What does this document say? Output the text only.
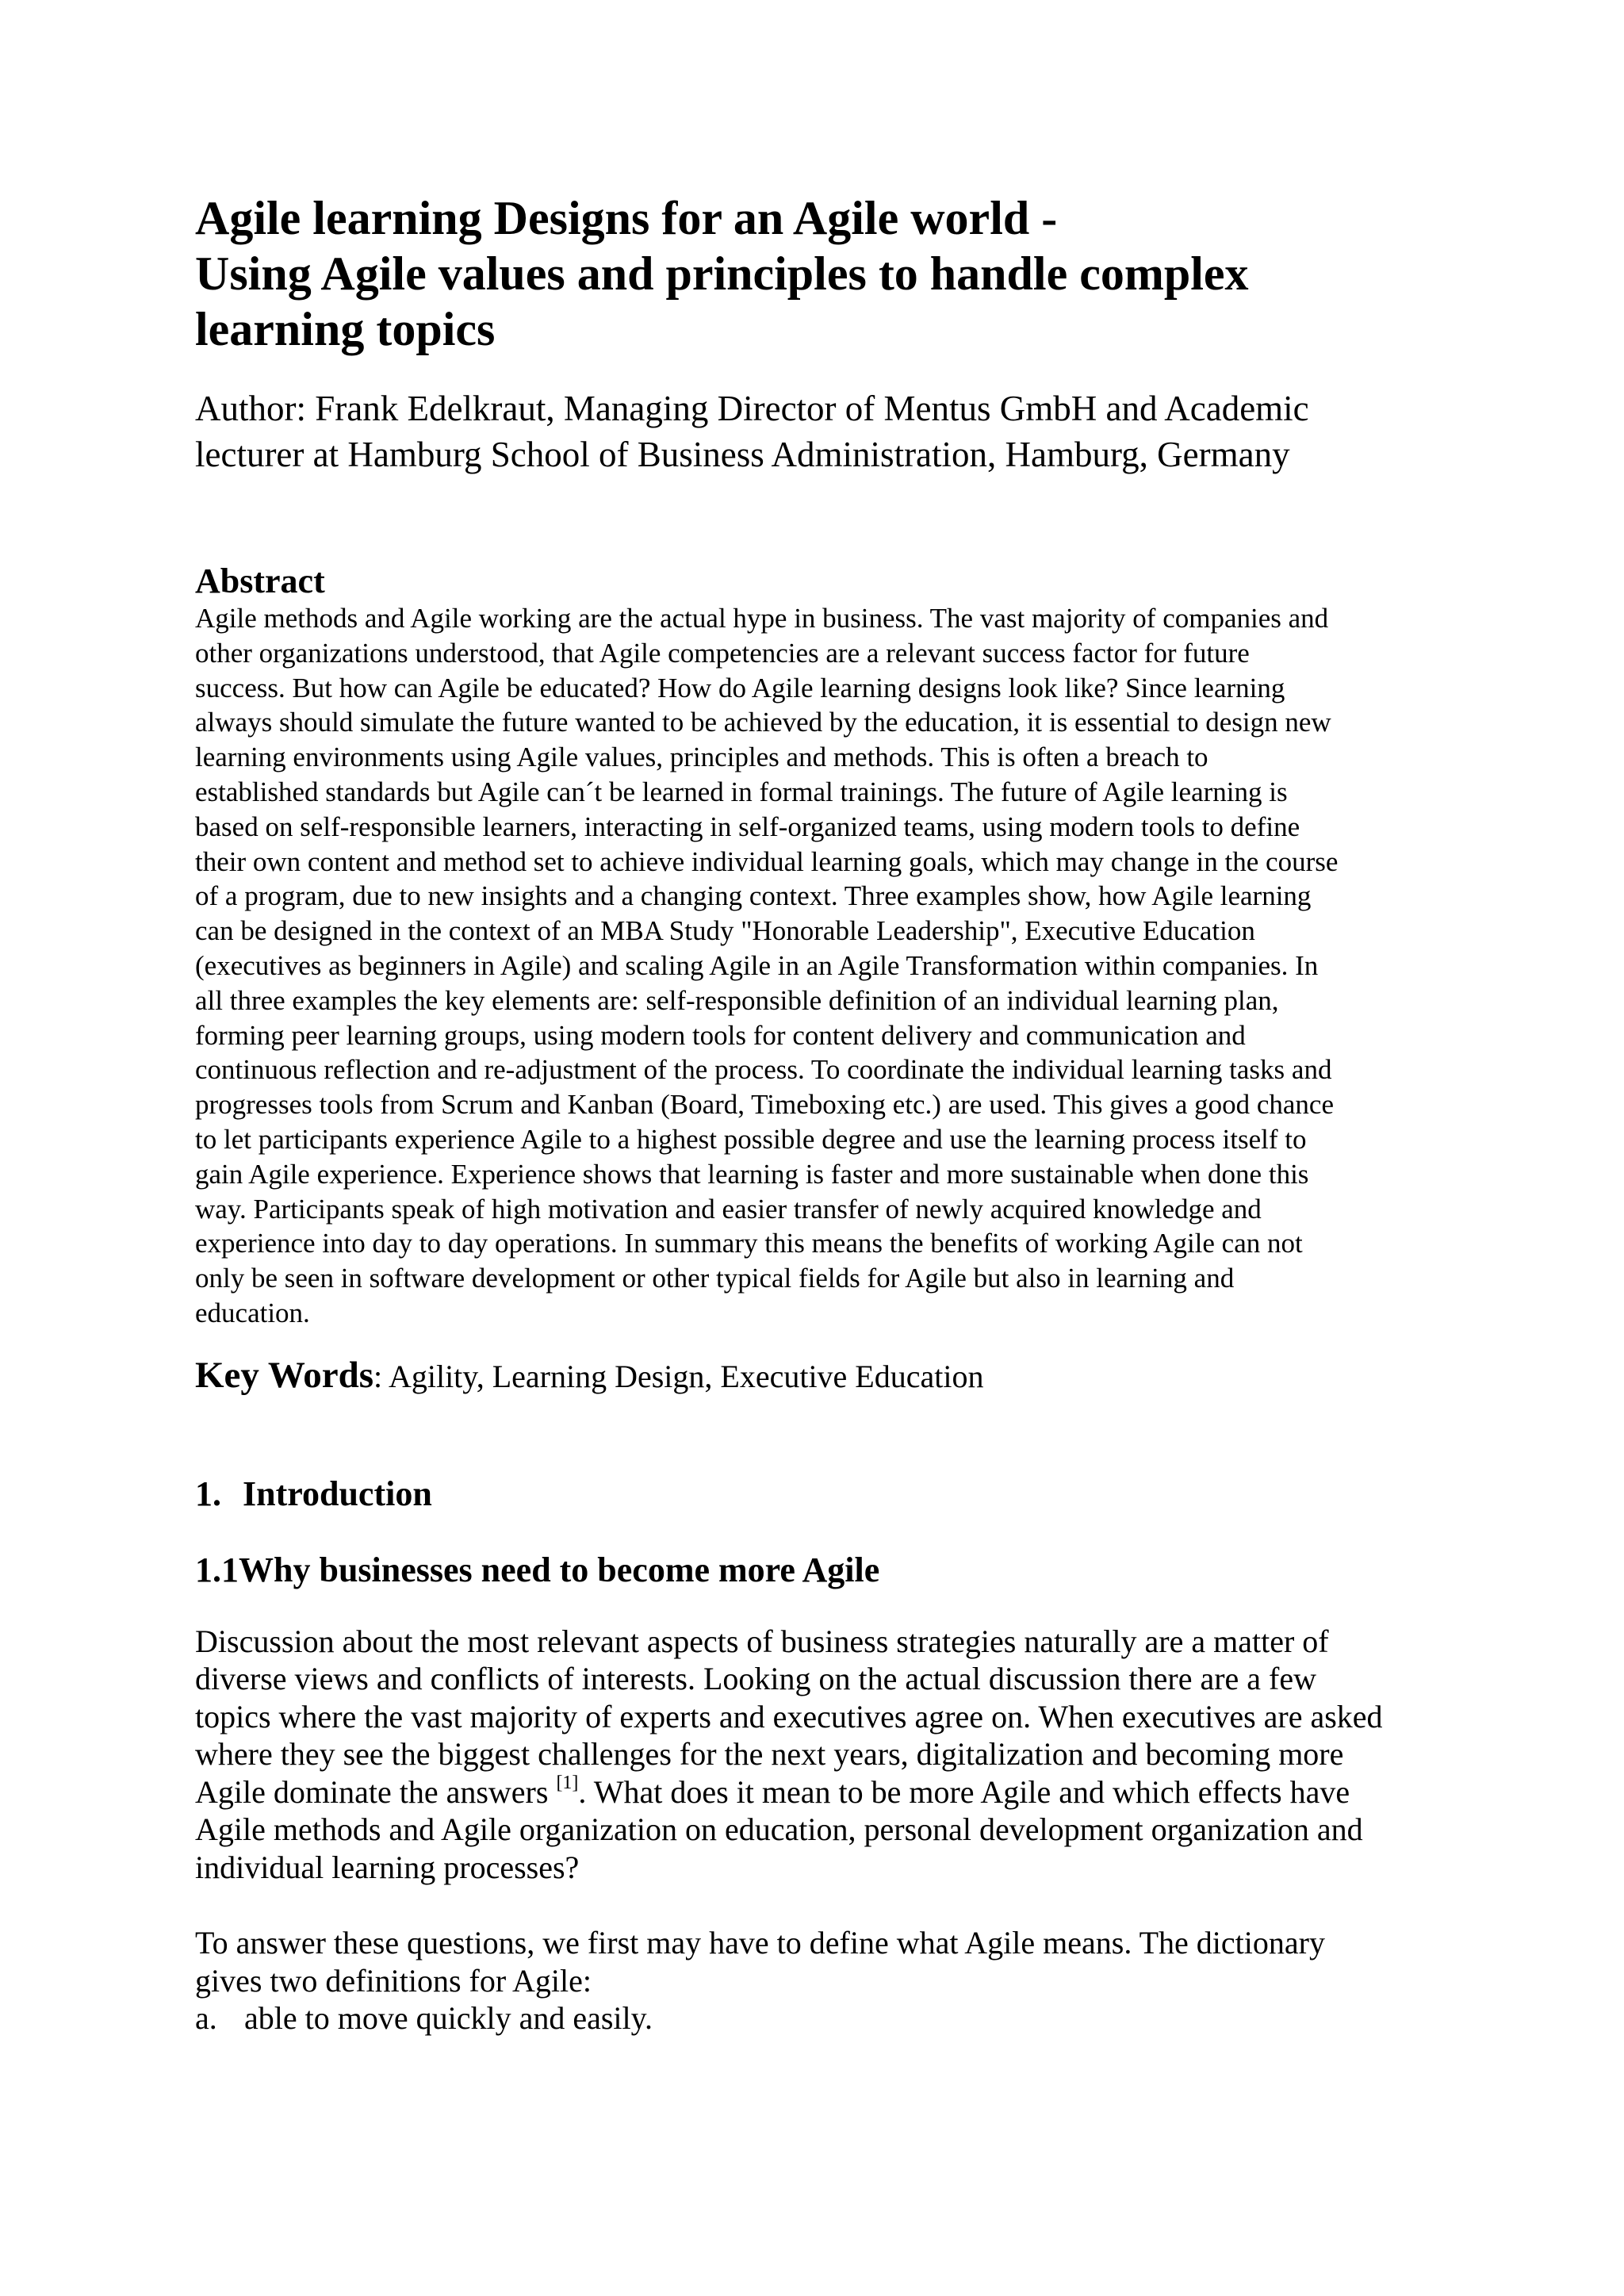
Agile learning Designs for an Agile world -
Using Agile values and principles to handle complex
learning topics

Author: Frank Edelkraut, Managing Director of Mentus GmbH and Academic
lecturer at Hamburg School of Business Administration, Hamburg, Germany

Abstract

Agile methods and Agile working are the actual hype in business. The vast majority of companies and
other organizations understood, that Agile competencies are a relevant success factor for future
success. But how can Agile be educated? How do Agile learning designs look like? Since learning
always should simulate the future wanted to be achieved by the education, it is essential to design new
learning environments using Agile values, principles and methods. This is often a breach to
established standards but Agile can´t be learned in formal trainings. The future of Agile learning is
based on self-responsible learners, interacting in self-organized teams, using modern tools to define
their own content and method set to achieve individual learning goals, which may change in the course
of a program, due to new insights and a changing context. Three examples show, how Agile learning
can be designed in the context of an MBA Study "Honorable Leadership", Executive Education
(executives as beginners in Agile) and scaling Agile in an Agile Transformation within companies. In
all three examples the key elements are: self-responsible definition of an individual learning plan,
forming peer learning groups, using modern tools for content delivery and communication and
continuous reflection and re-adjustment of the process. To coordinate the individual learning tasks and
progresses tools from Scrum and Kanban (Board, Timeboxing etc.) are used. This gives a good chance
to let participants experience Agile to a highest possible degree and use the learning process itself to
gain Agile experience. Experience shows that learning is faster and more sustainable when done this
way. Participants speak of high motivation and easier transfer of newly acquired knowledge and
experience into day to day operations. In summary this means the benefits of working Agile can not
only be seen in software development or other typical fields for Agile but also in learning and
education.

Key Words: Agility, Learning Design, Executive Education

1. Introduction
1.1Why businesses need to become more Agile

Discussion about the most relevant aspects of business strategies naturally are a matter of
diverse views and conflicts of interests. Looking on the actual discussion there are a few
topics where the vast majority of experts and executives agree on. When executives are asked
where they see the biggest challenges for the next years, digitalization and becoming more
Agile dominate the answers [1]. What does it mean to be more Agile and which effects have
Agile methods and Agile organization on education, personal development organization and
individual learning processes?

To answer these questions, we first may have to define what Agile means. The dictionary
gives two definitions for Agile:

a. able to move quickly and easily.
